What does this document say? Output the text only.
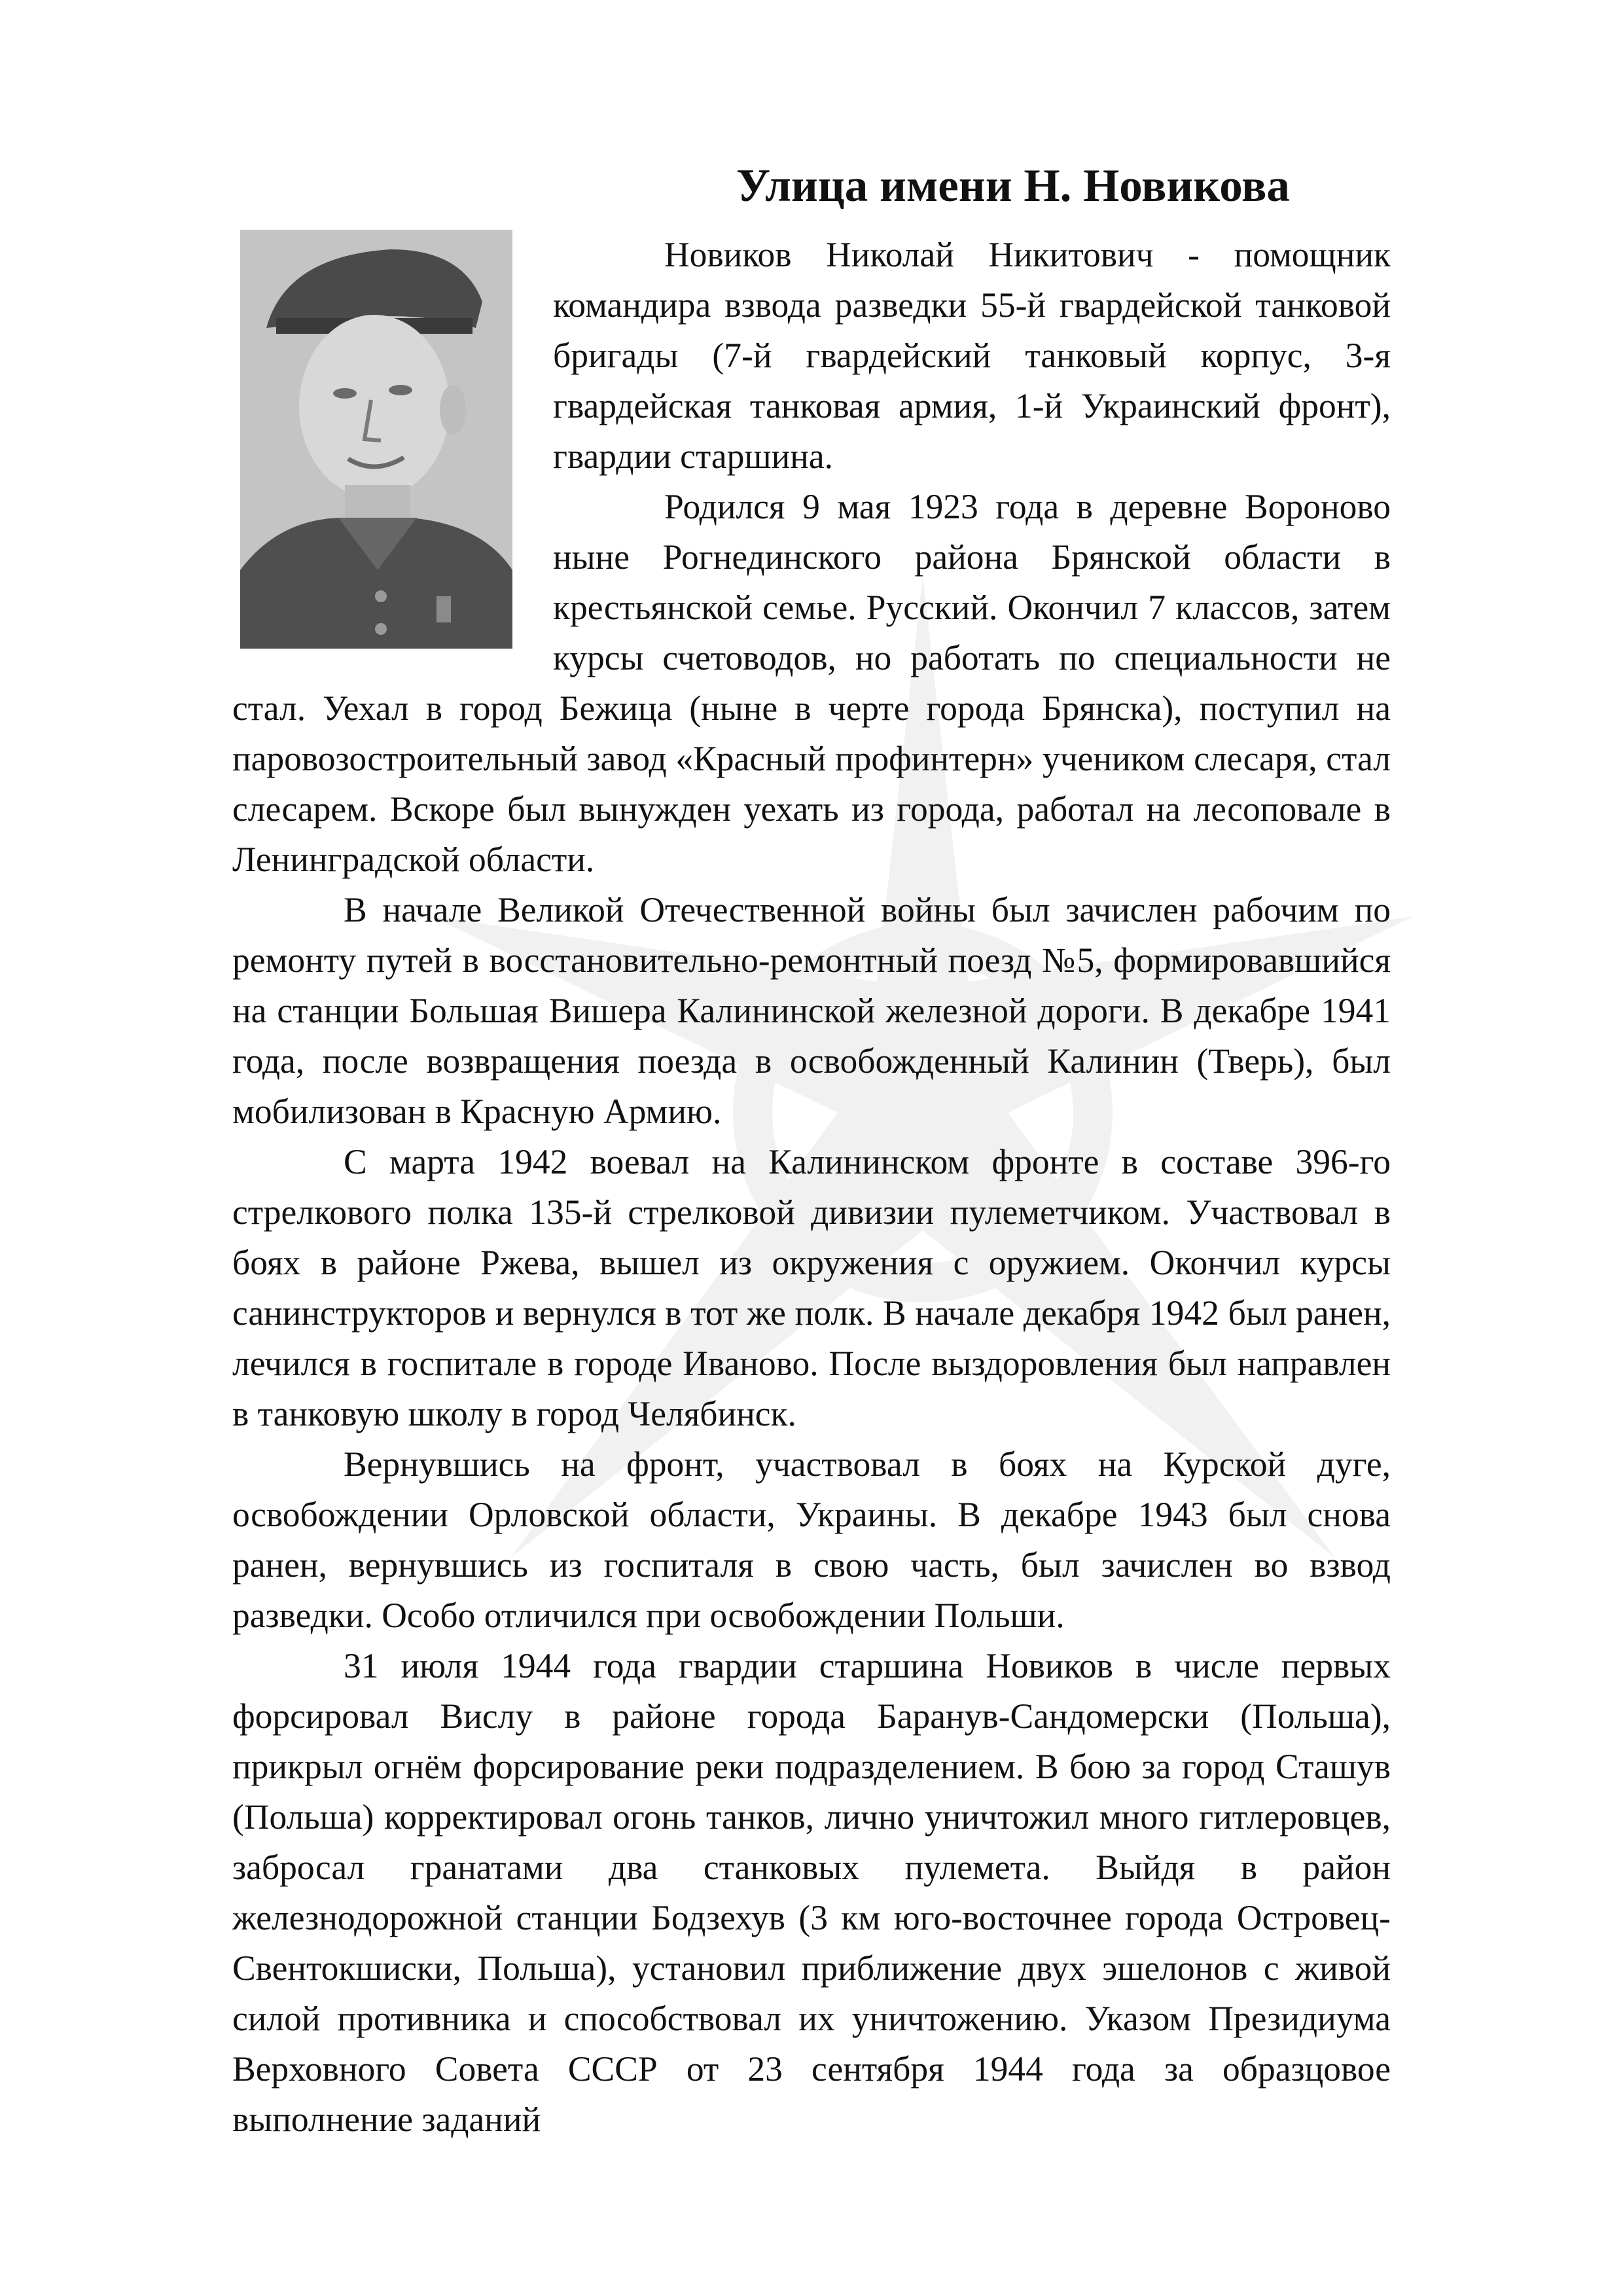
Улица имени Н. Новикова

Новиков Николай Никитович - помощник командира взвода разведки 55-й гвардейской танковой бригады (7-й гвардейский танковый корпус, 3-я гвардейская танковая армия, 1-й Украинский фронт), гвардии старшина.

Родился 9 мая 1923 года в деревне Вороново ныне Рогнединского района Брянской области в крестьянской семье. Русский. Окончил 7 классов, затем курсы счетоводов, но работать по специальности не стал. Уехал в город Бежица (ныне в черте города Брянска), поступил на паровозостроительный завод «Красный профинтерн» учеником слесаря, стал слесарем. Вскоре был вынужден уехать из города, работал на лесоповале в Ленинградской области.

В начале Великой Отечественной войны был зачислен рабочим по ремонту путей в восстановительно-ремонтный поезд №5, формировавшийся на станции Большая Вишера Калининской железной дороги. В декабре 1941 года, после возвращения поезда в освобожденный Калинин (Тверь), был мобилизован в Красную Армию.

С марта 1942 воевал на Калининском фронте в составе 396-го стрелкового полка 135-й стрелковой дивизии пулеметчиком. Участвовал в боях в районе Ржева, вышел из окружения с оружием. Окончил курсы санинструкторов и вернулся в тот же полк. В начале декабря 1942 был ранен, лечился в госпитале в городе Иваново. После выздоровления был направлен в танковую школу в город Челябинск.

Вернувшись на фронт, участвовал в боях на Курской дуге, освобождении Орловской области, Украины. В декабре 1943 был снова ранен, вернувшись из госпиталя в свою часть, был зачислен во взвод разведки. Особо отличился при освобождении Польши.

31 июля 1944 года гвардии старшина Новиков в числе первых форсировал Вислу в районе города Баранув-Сандомерски (Польша), прикрыл огнём форсирование реки подразделением. В бою за город Сташув (Польша) корректировал огонь танков, лично уничтожил много гитлеровцев, забросал гранатами два станковых пулемета. Выйдя в район железнодорожной станции Бодзехув (3 км юго-восточнее города Островец-Свентокшиски, Польша), установил приближение двух эшелонов с живой силой противника и способствовал их уничтожению. Указом Президиума Верховного Совета СССР от 23 сентября 1944 года за образцовое выполнение заданий
